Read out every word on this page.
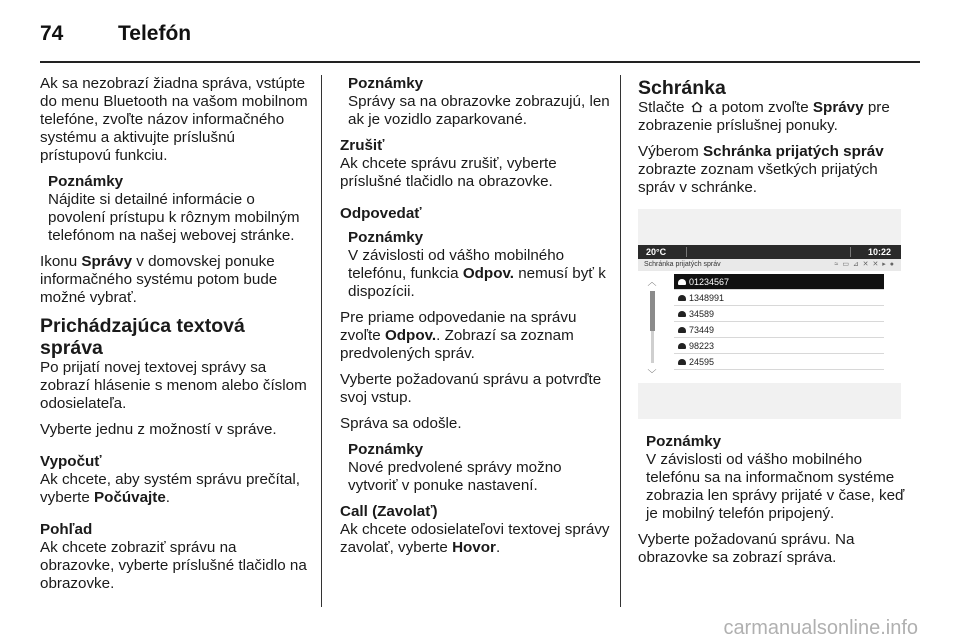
74	Telefón

Ak sa nezobrazí žiadna správa, vstúpte do menu Bluetooth na vašom mobilnom telefóne, zvoľte názov informačného systému a aktivujte príslušnú prístupovú funkciu.

Poznámky
Nájdite si detailné informácie o povolení prístupu k rôznym mobilným telefónom na našej webovej stránke.

Ikonu Správy v domovskej ponuke informačného systému potom bude možné vybrať.

Prichádzajúca textová správa

Po prijatí novej textovej správy sa zobrazí hlásenie s menom alebo číslom odosielateľa.

Vyberte jednu z možností v správe.

Vypočuť

Ak chcete, aby systém správu prečítal, vyberte Počúvajte.

Pohľad

Ak chcete zobraziť správu na obrazovke, vyberte príslušné tlačidlo na obrazovke.

Poznámky
Správy sa na obrazovke zobrazujú, len ak je vozidlo zaparkované.
Zrušiť

Ak chcete správu zrušiť, vyberte príslušné tlačidlo na obrazovke.

Odpovedať
Poznámky
V závislosti od vášho mobilného telefónu, funkcia Odpov. nemusí byť k dispozícii.

Pre priame odpovedanie na správu zvoľte Odpov.. Zobrazí sa zoznam predvolených správ.

Vyberte požadovanú správu a potvrďte svoj vstup.

Správa sa odošle.

Poznámky
Nové predvolené správy možno vytvoriť v ponuke nastavení.
Call (Zavolať)

Ak chcete odosielateľovi textovej správy zavolať, vyberte Hovor.

Schránka

Stlačte  a potom zvoľte Správy pre zobrazenie príslušnej ponuky.

Výberom Schránka prijatých správ zobrazte zoznam všetkých prijatých správ v schránke.

20°C	10:22
Schránka prijatých správ	≈ ▭ ⊿ ✕ ✕ ▸ ●
︿
﹀
01234567
1348991
34589
73449
98223
24595
Poznámky
V závislosti od vášho mobilného telefónu sa na informačnom systéme zobrazia len správy prijaté v čase, keď je mobilný telefón pripojený.

Vyberte požadovanú správu. Na obrazovke sa zobrazí správa.

carmanualsonline.info
